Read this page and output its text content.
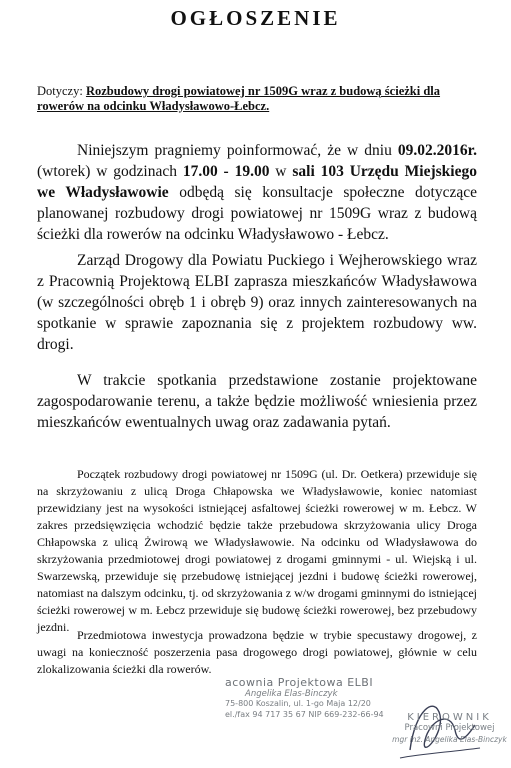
OGŁOSZENIE
Dotyczy: Rozbudowy drogi powiatowej nr 1509G wraz z budową ścieżki dla rowerów na odcinku Władysławowo-Łebcz.

Niniejszym pragniemy poinformować, że w dniu 09.02.2016r. (wtorek) w godzinach 17.00 - 19.00 w sali 103 Urzędu Miejskiego we Władysławowie odbędą się konsultacje społeczne dotyczące planowanej rozbudowy drogi powiatowej nr 1509G wraz z budową ścieżki dla rowerów na odcinku Władysławowo - Łebcz.

Zarząd Drogowy dla Powiatu Puckiego i Wejherowskiego wraz z Pracownią Projektową ELBI zaprasza mieszkańców Władysławowa (w szczególności obręb 1 i obręb 9) oraz innych zainteresowanych na spotkanie w sprawie zapoznania się z projektem rozbudowy ww. drogi.

W trakcie spotkania przedstawione zostanie projektowane zagospodarowanie terenu, a także będzie możliwość wniesienia przez mieszkańców ewentualnych uwag oraz zadawania pytań.

Początek rozbudowy drogi powiatowej nr 1509G (ul. Dr. Oetkera) przewiduje się na skrzyżowaniu z ulicą Droga Chłapowska we Władysławowie, koniec natomiast przewidziany jest na wysokości istniejącej asfaltowej ścieżki rowerowej w m. Łebcz. W zakres przedsięwzięcia wchodzić będzie także przebudowa skrzyżowania ulicy Droga Chłapowska z ulicą Żwirową we Władysławowie. Na odcinku od Władysławowa do skrzyżowania przedmiotowej drogi powiatowej z drogami gminnymi - ul. Wiejską i ul. Swarzewską, przewiduje się przebudowę istniejącej jezdni i budowę ścieżki rowerowej, natomiast na dalszym odcinku, tj. od skrzyżowania z w/w drogami gminnymi do istniejącej ścieżki rowerowej w m. Łebcz przewiduje się budowę ścieżki rowerowej, bez przebudowy jezdni.

Przedmiotowa inwestycja prowadzona będzie w trybie specustawy drogowej, z uwagi na konieczność poszerzenia pasa drogowego drogi powiatowej, głównie w celu zlokalizowania ścieżki dla rowerów.

acownia Projektowa ELBI
Angelika Elas-Binczyk
75-800 Koszalin, ul. 1-go Maja 12/20
el./fax 94 717 35 67 NIP 669-232-66-94	KIEROWNIK
Pracowni Projektowej
mgr inż. Angelika Elas-Binczyk
